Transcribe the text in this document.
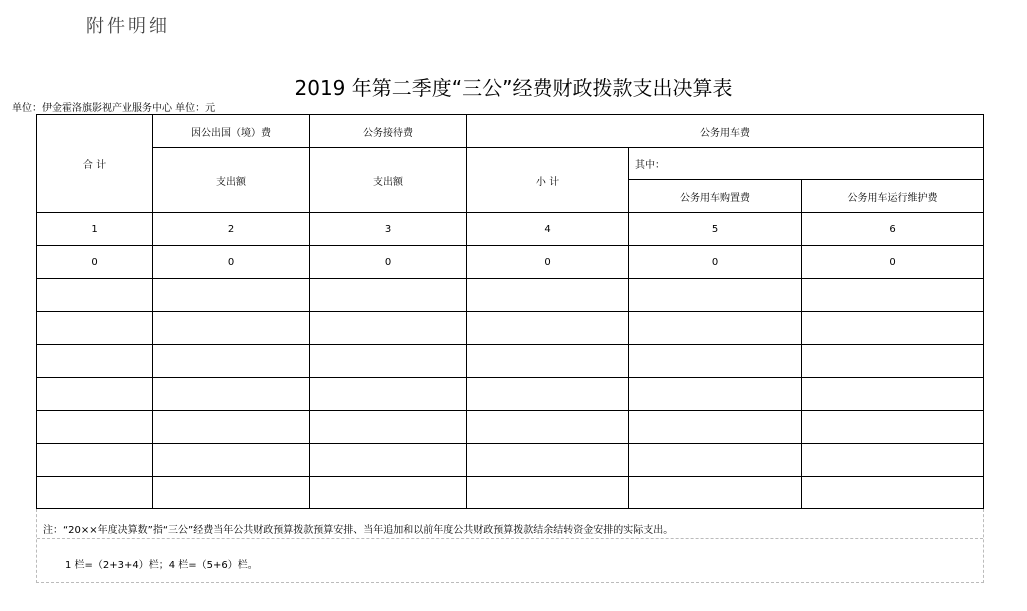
附件明细
2019 年第二季度“三公”经费财政拨款支出决算表
单位：伊金霍洛旗影视产业服务中心 单位：元
合 计	因公出国（境）费	公务接待费	公务用车费		
	支出额	支出额	小 计	其中：	
				公务用车购置费	公务用车运行维护费
1	2	3	4	5	6
0	0	0	0	0	0

注：“20××年度决算数”指“三公”经费当年公共财政预算拨款预算安排、当年追加和以前年度公共财政预算拨款结余结转资金安排的实际支出。
1 栏=（2+3+4）栏；4 栏=（5+6）栏。
